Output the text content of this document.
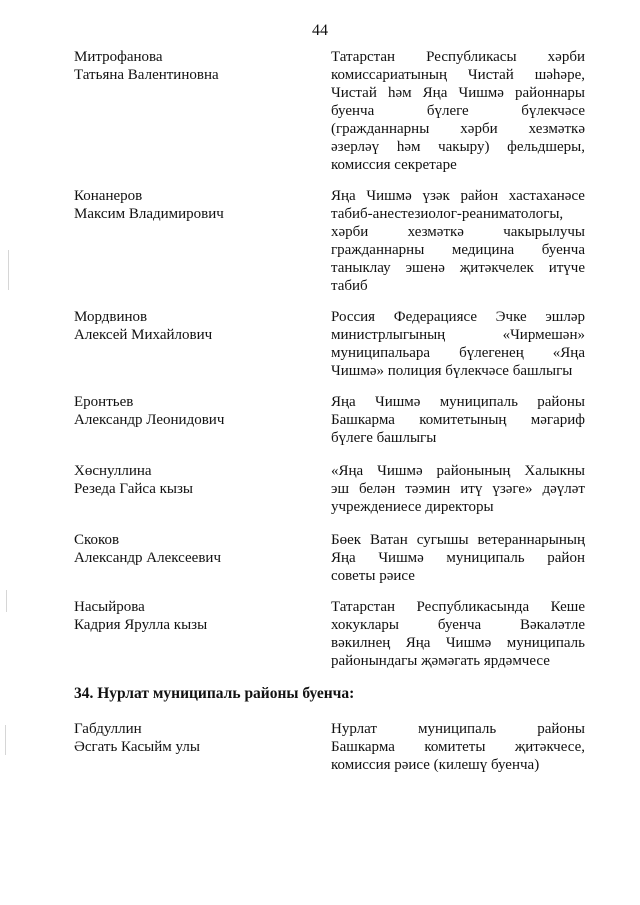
44
Митрофанова
Татьяна Валентиновна
Татарстан Республикасы хәрби
комиссариатының Чистай шәһәре,
Чистай һәм Яңа Чишмә районнары
буенча	бүлеге	бүлекчәсе
(гражданнарны хәрби хезмәткә
әзерләү һәм чакыру) фельдшеры,
комиссия секретаре
Конанеров
Максим Владимирович
Яңа Чишмә үзәк район хастаханәсе
табиб-анестезиолог-реаниматологы,
хәрби	хезмәткә	чакырылучы
гражданнарны медицина буенча
таныклау эшенә җитәкчелек итүче
табиб
Мордвинов
Алексей Михайлович
Россия Федерациясе Эчке эшләр
министрлыгының	«Чирмешән»
муниципальара бүлегенең «Яңа
Чишмә» полиция бүлекчәсе башлыгы
Еронтьев
Александр Леонидович
Яңа Чишмә муниципаль районы
Башкарма комитетының мәгариф
бүлеге башлыгы
Хөснуллина
Резеда Гайса кызы
«Яңа Чишмә районының Халыкны
эш белән тәэмин итү үзәге» дәүләт
учреждениесе директоры
Скоков
Александр Алексеевич
Бөек Ватан сугышы ветераннарының
Яңа Чишмә муниципаль район
советы рәисе
Насыйрова
Кадрия Ярулла кызы
Татарстан Республикасында Кеше
хокуклары	буенча	Вәкаләтле
вәкилнең Яңа Чишмә муниципаль
районындагы җәмәгать ярдәмчесе
34. Нурлат муниципаль районы буенча:
Габдуллин
Әсгать Касыйм улы
Нурлат	муниципаль	районы
Башкарма комитеты җитәкчесе,
комиссия рәисе (килешү буенча)
